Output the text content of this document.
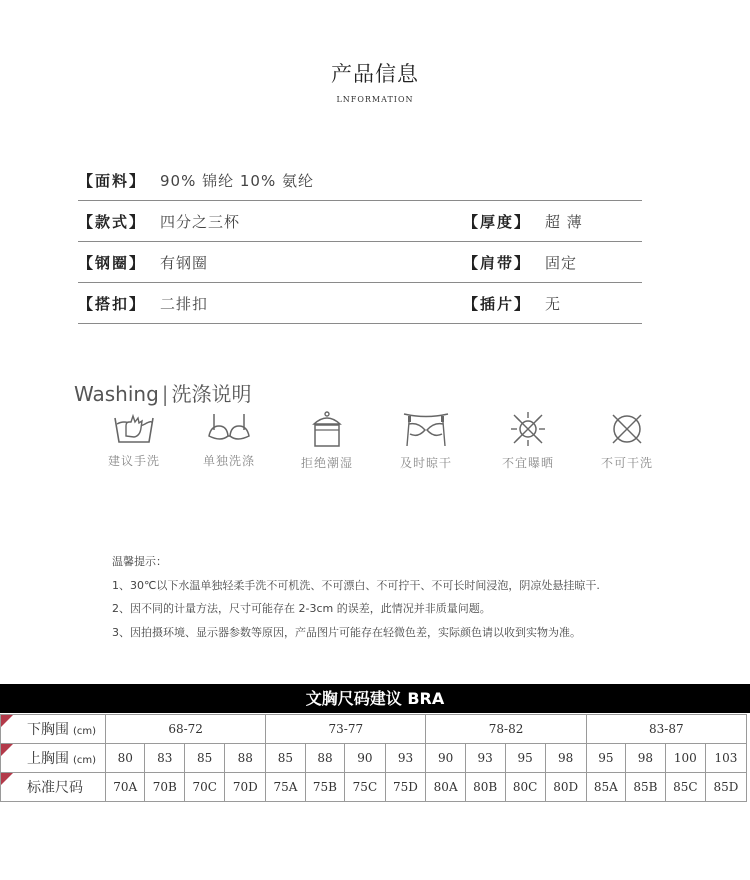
产品信息
LNFORMATION
【面料】 90% 锦纶 10% 氨纶
【款式】 四分之三杯	【厚度】 超 薄
【钢圈】 有钢圈	【肩带】 固定
【搭扣】 二排扣	【插片】 无
Washing | 洗涤说明
建议手洗	单独洗涤	拒绝潮湿	及时晾干	不宜曝晒	不可干洗
温馨提示：
1、30℃以下水温单独轻柔手洗不可机洗、不可漂白、不可拧干、不可长时间浸泡，阴凉处悬挂晾干.
2、因不同的计量方法，尺寸可能存在 2-3cm 的误差，此情况并非质量问题。
3、因拍摄环境、显示器参数等原因，产品图片可能存在轻微色差，实际颜色请以收到实物为准。
文胸尺码建议 BRA
下胸围 (cm)	68-72				73-77				78-82				83-87			

上胸围 (cm)	80	83	85	88	85	88	90	93	90	93	95	98	95	98	100	103

标准尺码	70A	70B	70C	70D	75A	75B	75C	75D	80A	80B	80C	80D	85A	85B	85C	85D
